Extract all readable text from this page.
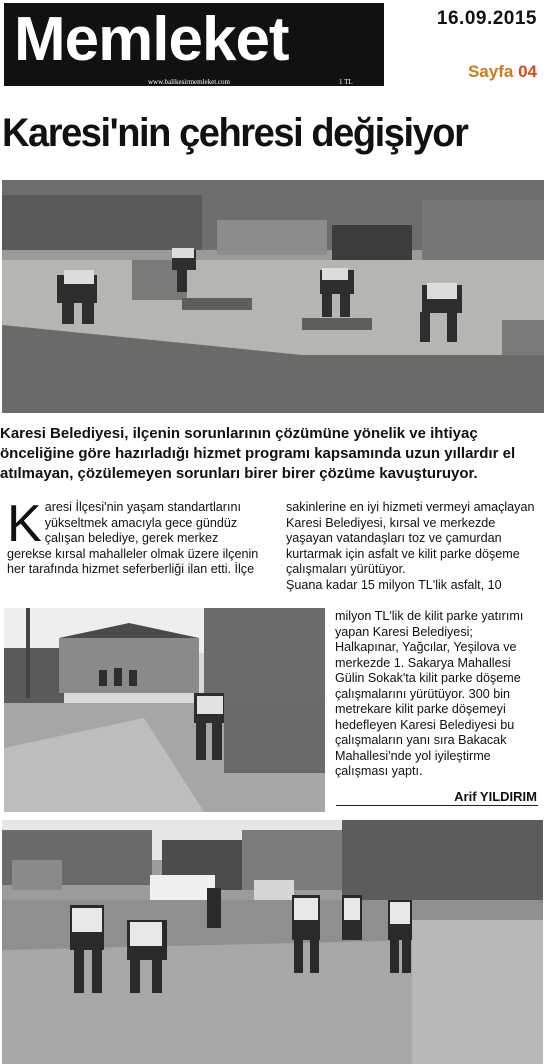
Memleket
www.balikesirmemleket.com	1 TL
16.09.2015
Sayfa 04
Karesi'nin çehresi değişiyor
Karesi Belediyesi, ilçenin sorunlarının çözümüne yönelik ve ihtiyaç önceliğine göre hazırladığı hizmet programı kapsamında uzun yıllardır el atılmayan, çözülemeyen sorunları birer birer çözüme kavuşturuyor.
Karesi İlçesi'nin yaşam standartlarını yükseltmek amacıyla gece gündüz çalışan belediye, gerek merkez gerekse kırsal mahalleler olmak üzere ilçenin her tarafında hizmet seferberliği ilan etti. İlçe
sakinlerine en iyi hizmeti vermeyi amaçlayan Karesi Belediyesi, kırsal ve merkezde yaşayan vatandaşları toz ve çamurdan kurtarmak için asfalt ve kilit parke döşeme çalışmaları yürütüyor.
Şuana kadar 15 milyon TL'lik asfalt, 10
milyon TL'lik de kilit parke yatırımı yapan Karesi Belediyesi; Halkapınar, Yağcılar, Yeşilova ve merkezde 1. Sakarya Mahallesi Gülin Sokak'ta kilit parke döşeme çalışmalarını yürütüyor. 300 bin metrekare kilit parke döşemeyi hedefleyen Karesi Belediyesi bu çalışmaların yanı sıra Bakacak Mahallesi'nde yol iyileştirme çalışması yaptı.
Arif YILDIRIM
